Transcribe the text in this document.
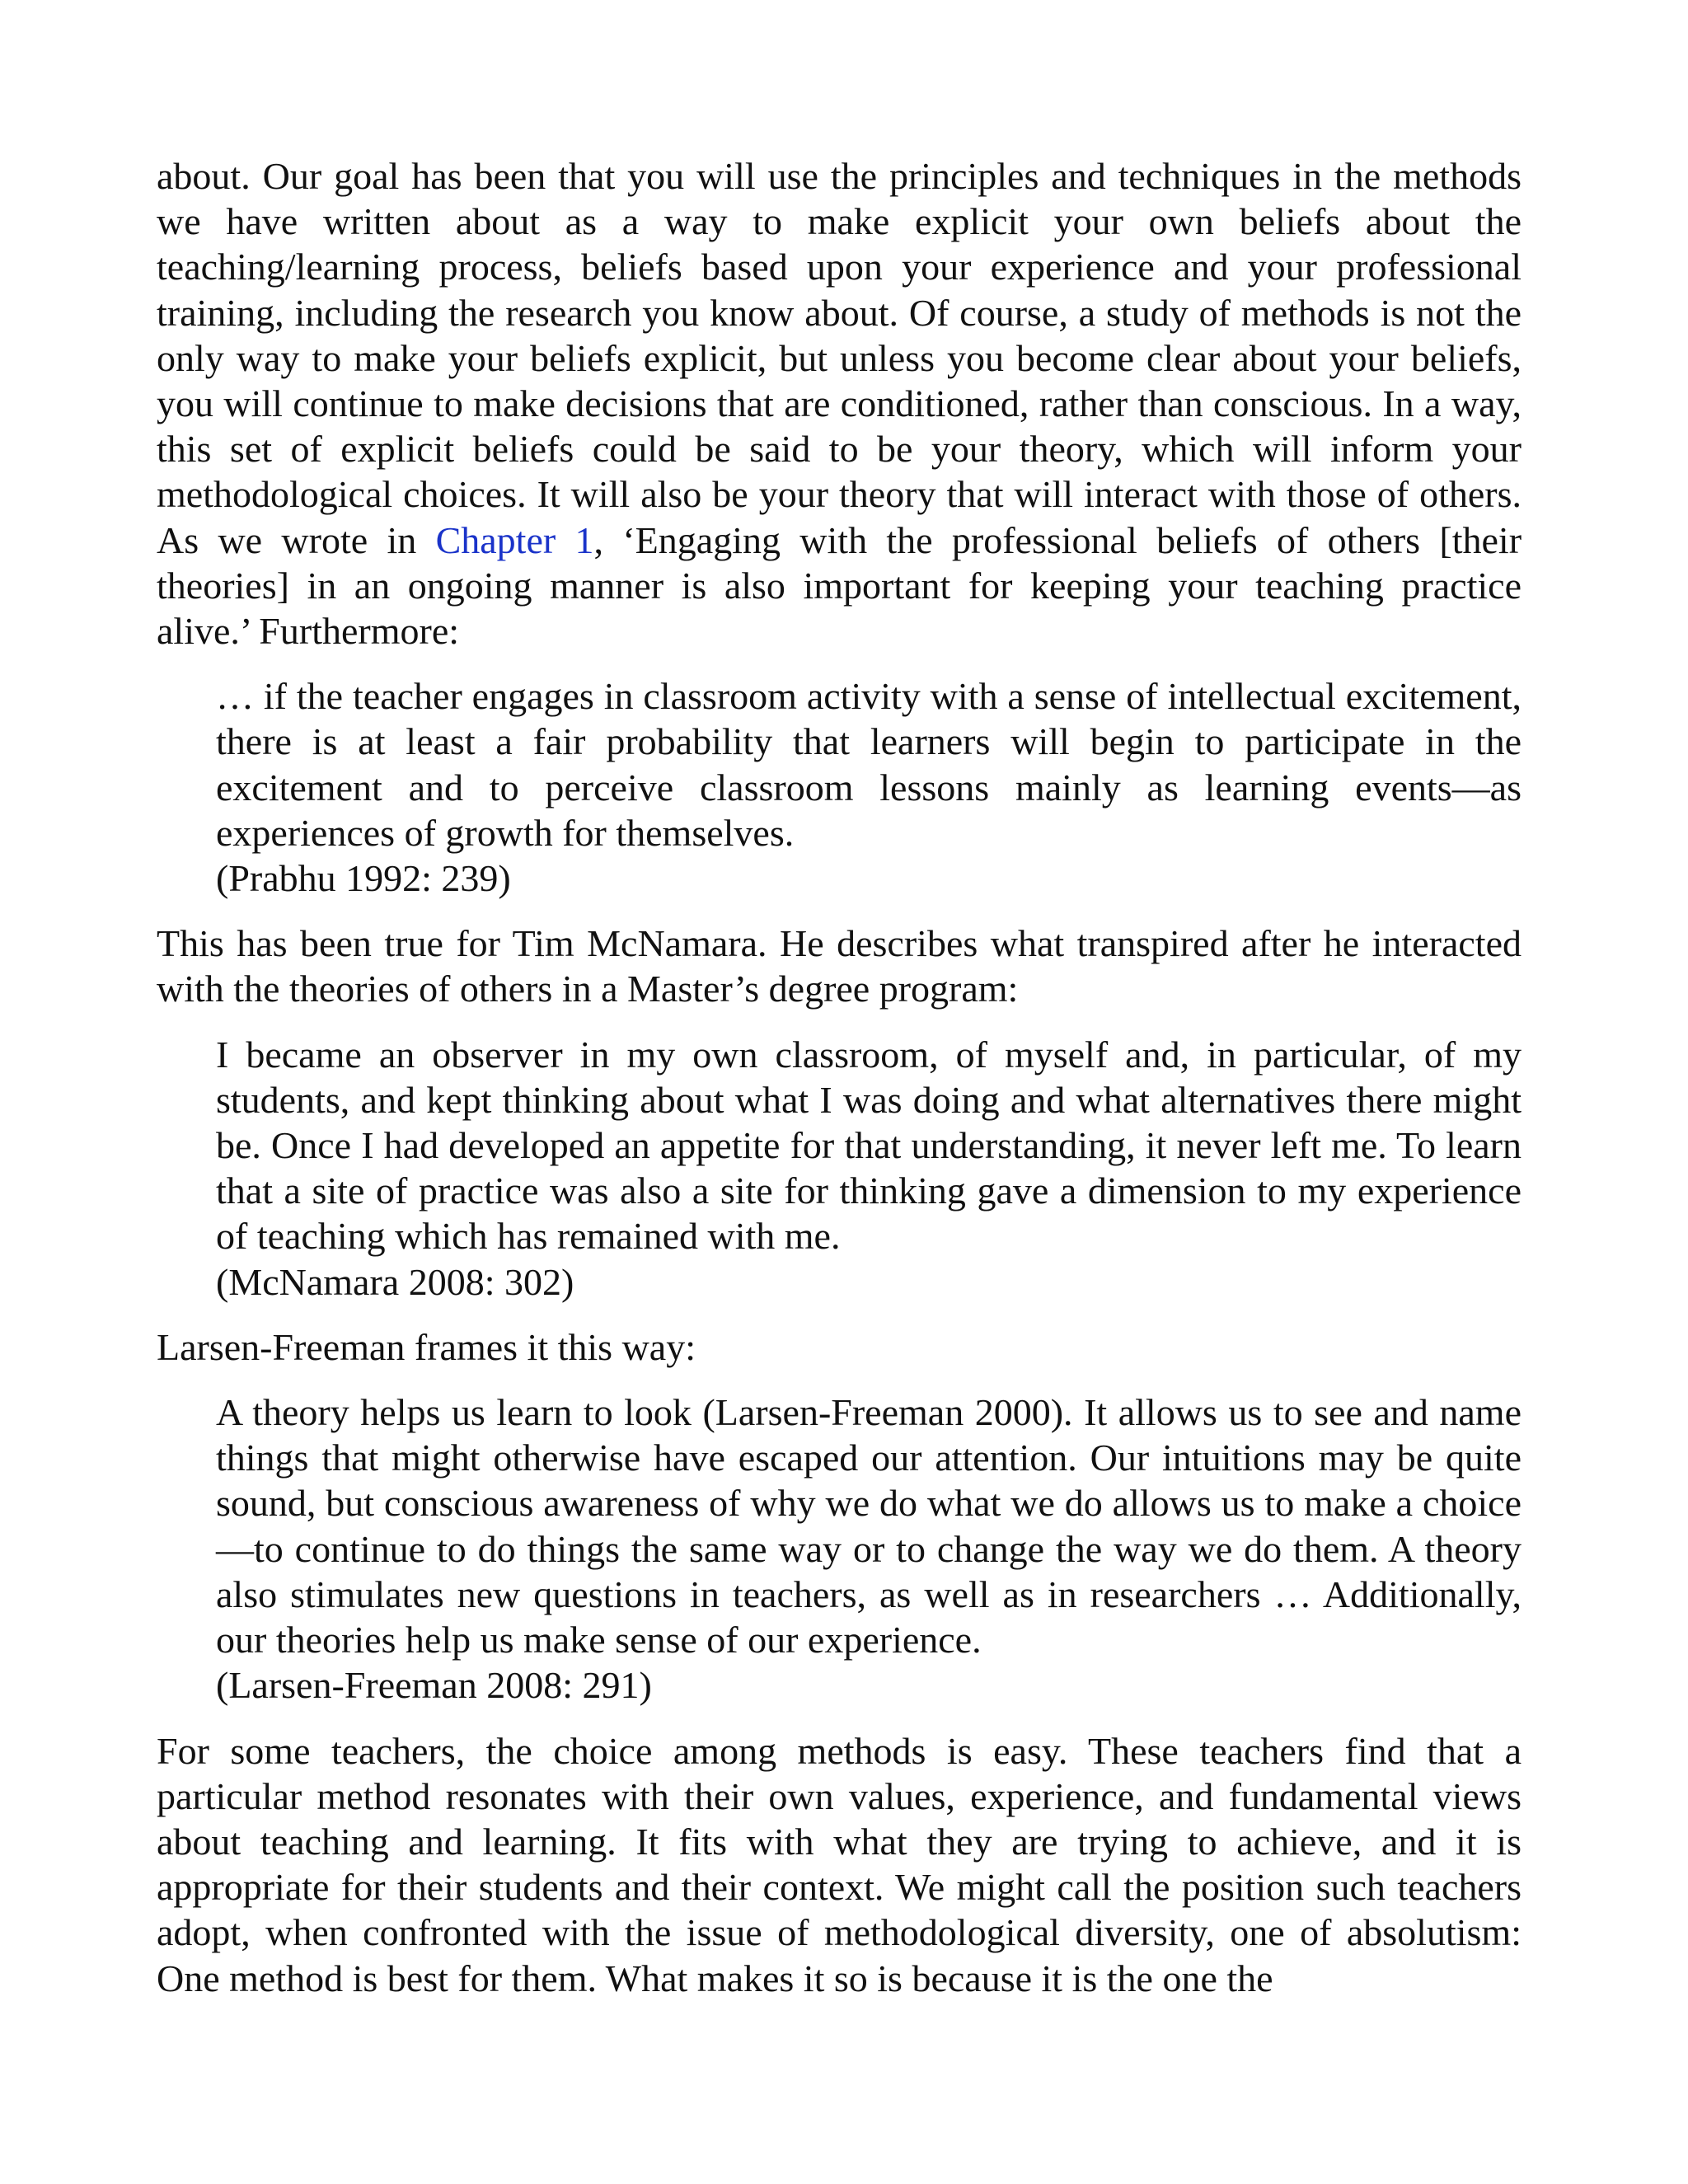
about. Our goal has been that you will use the principles and techniques in the methods we have written about as a way to make explicit your own beliefs about the teaching/learning process, beliefs based upon your experience and your professional training, including the research you know about. Of course, a study of methods is not the only way to make your beliefs explicit, but unless you become clear about your beliefs, you will continue to make decisions that are conditioned, rather than conscious. In a way, this set of explicit beliefs could be said to be your theory, which will inform your methodological choices. It will also be your theory that will interact with those of others. As we wrote in Chapter 1, ‘Engaging with the professional beliefs of others [their theories] in an ongoing manner is also important for keeping your teaching practice alive.’ Furthermore:

… if the teacher engages in classroom activity with a sense of intellectual excitement, there is at least a fair probability that learners will begin to participate in the excitement and to perceive classroom lessons mainly as learning events—as experiences of growth for themselves.

(Prabhu 1992: 239)

This has been true for Tim McNamara. He describes what transpired after he interacted with the theories of others in a Master’s degree program:

I became an observer in my own classroom, of myself and, in particular, of my students, and kept thinking about what I was doing and what alternatives there might be. Once I had developed an appetite for that understanding, it never left me. To learn that a site of practice was also a site for thinking gave a dimension to my experience of teaching which has remained with me.

(McNamara 2008: 302)

Larsen-Freeman frames it this way:

A theory helps us learn to look (Larsen-Freeman 2000). It allows us to see and name things that might otherwise have escaped our attention. Our intuitions may be quite sound, but conscious awareness of why we do what we do allows us to make a choice—to continue to do things the same way or to change the way we do them. A theory also stimulates new questions in teachers, as well as in researchers … Additionally, our theories help us make sense of our experience.

(Larsen-Freeman 2008: 291)

For some teachers, the choice among methods is easy. These teachers find that a particular method resonates with their own values, experience, and fundamental views about teaching and learning. It fits with what they are trying to achieve, and it is appropriate for their students and their context. We might call the position such teachers adopt, when confronted with the issue of methodological diversity, one of absolutism: One method is best for them. What makes it so is because it is the one the
